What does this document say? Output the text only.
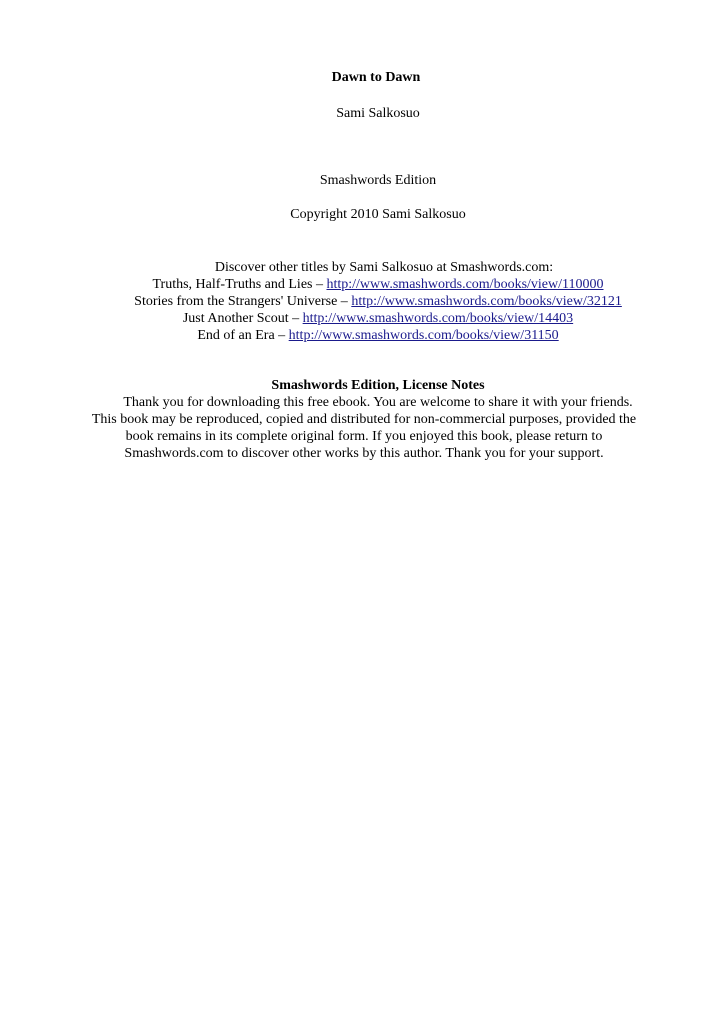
Dawn to Dawn
Sami Salkosuo
Smashwords Edition
Copyright 2010 Sami Salkosuo
Discover other titles by Sami Salkosuo at Smashwords.com:
Truths, Half-Truths and Lies – http://www.smashwords.com/books/view/110000
Stories from the Strangers' Universe – http://www.smashwords.com/books/view/32121
Just Another Scout – http://www.smashwords.com/books/view/14403
End of an Era – http://www.smashwords.com/books/view/31150
Smashwords Edition, License Notes
Thank you for downloading this free ebook. You are welcome to share it with your friends.
This book may be reproduced, copied and distributed for non-commercial purposes, provided the
book remains in its complete original form. If you enjoyed this book, please return to
Smashwords.com to discover other works by this author. Thank you for your support.
